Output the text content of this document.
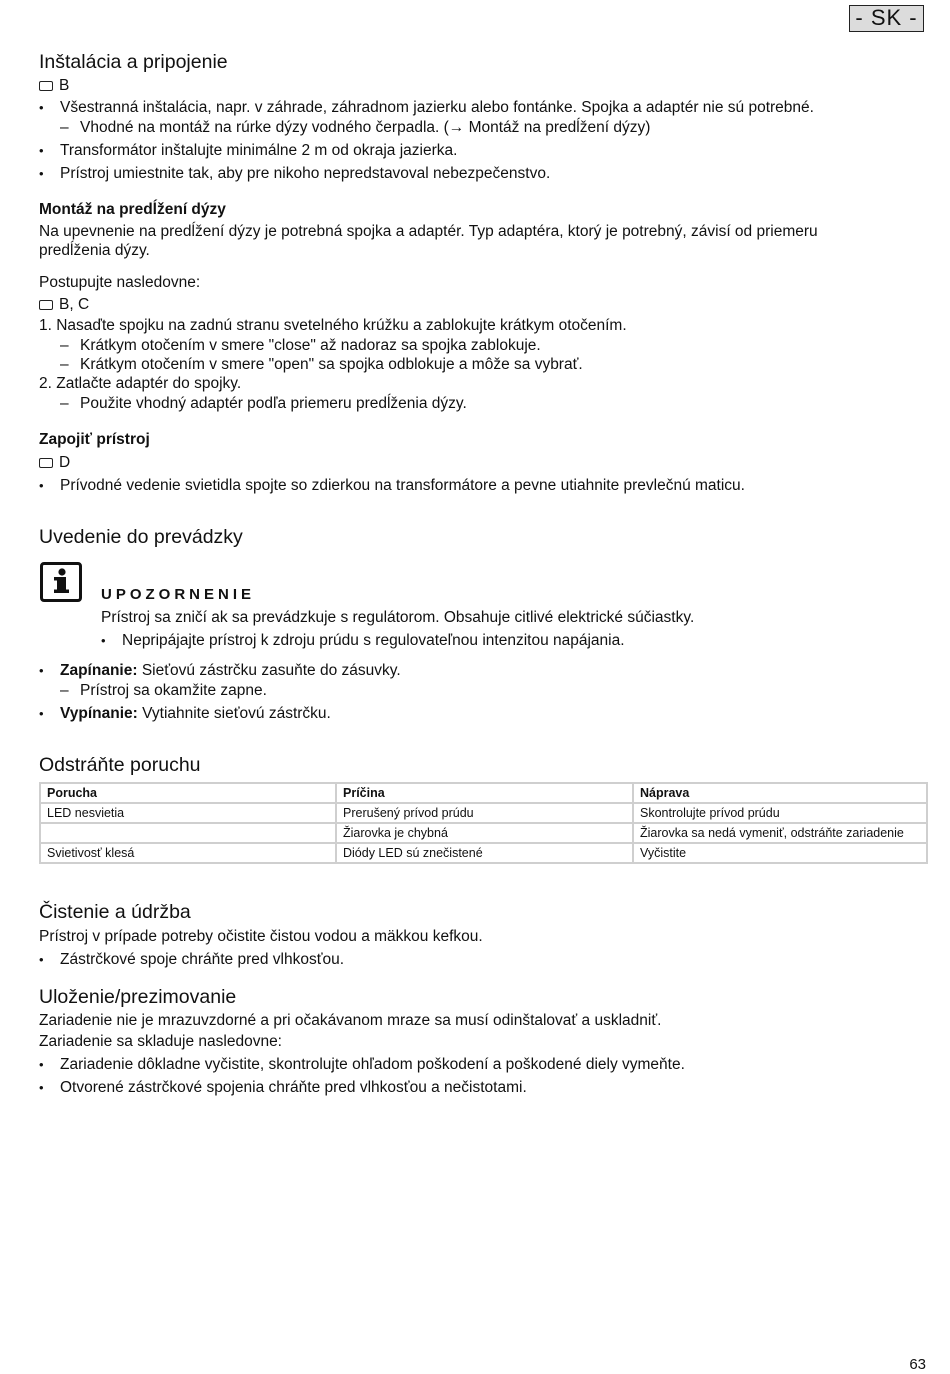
- SK -
Inštalácia a pripojenie
B
• Všestranná inštalácia, napr. v záhrade, záhradnom jazierku alebo fontánke. Spojka a adaptér nie sú potrebné.
– Vhodné na montáž na rúrke dýzy vodného čerpadla. (→ Montáž na predĺžení dýzy)
• Transformátor inštalujte minimálne 2 m od okraja jazierka.
• Prístroj umiestnite tak, aby pre nikoho nepredstavoval nebezpečenstvo.
Montáž na predĺžení dýzy
Na upevnenie na predĺžení dýzy je potrebná spojka a adaptér. Typ adaptéra, ktorý je potrebný, závisí od priemeru
predĺženia dýzy.
Postupujte nasledovne:
B, C
1. Nasaďte spojku na zadnú stranu svetelného krúžku a zablokujte krátkym otočením.
– Krátkym otočením v smere "close" až nadoraz sa spojka zablokuje.
– Krátkym otočením v smere "open" sa spojka odblokuje a môže sa vybrať.
2. Zatlačte adaptér do spojky.
– Použite vhodný adaptér podľa priemeru predĺženia dýzy.
Zapojiť prístroj
D
• Prívodné vedenie svietidla spojte so zdierkou na transformátore a pevne utiahnite prevlečnú maticu.
Uvedenie do prevádzky
UPOZORNENIE
Prístroj sa zničí ak sa prevádzkuje s regulátorom. Obsahuje citlivé elektrické súčiastky.
• Nepripájajte prístroj k zdroju prúdu s regulovateľnou intenzitou napájania.
• Zapínanie: Sieťovú zástrčku zasuňte do zásuvky.
– Prístroj sa okamžite zapne.
• Vypínanie: Vytiahnite sieťovú zástrčku.
Odstráňte poruchu
Porucha	Príčina	Náprava
LED nesvietia	Prerušený prívod prúdu	Skontrolujte prívod prúdu
	Žiarovka je chybná	Žiarovka sa nedá vymeniť, odstráňte zariadenie
Svietivosť klesá	Diódy LED sú znečistené	Vyčistite
Čistenie a údržba
Prístroj v prípade potreby očistite čistou vodou a mäkkou kefkou.
• Zástrčkové spoje chráňte pred vlhkosťou.
Uloženie/prezimovanie
Zariadenie nie je mrazuvzdorné a pri očakávanom mraze sa musí odinštalovať a uskladniť.
Zariadenie sa skladuje nasledovne:
• Zariadenie dôkladne vyčistite, skontrolujte ohľadom poškodení a poškodené diely vymeňte.
• Otvorené zástrčkové spojenia chráňte pred vlhkosťou a nečistotami.
63
